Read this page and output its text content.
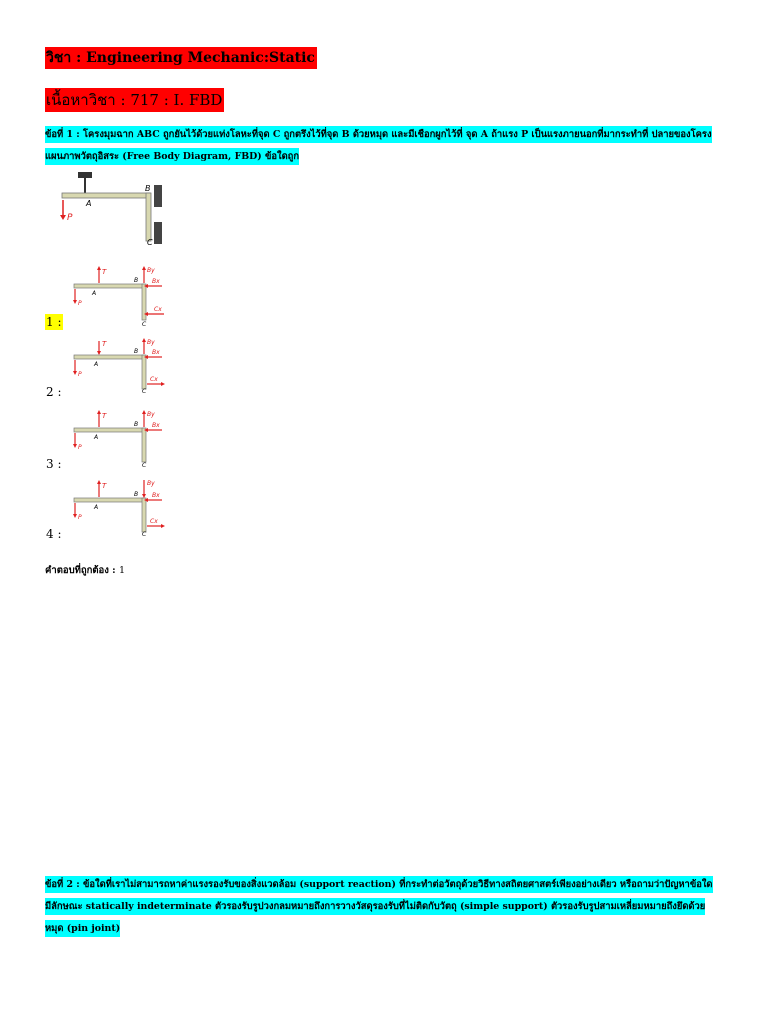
วิชา : Engineering Mechanic:Static
เนื้อหาวิชา : 717 : I. FBD
ข้อที่ 1 : โครงมุมฉาก ABC ถูกยันไว้ด้วยแท่งโลหะที่จุด C ถูกตรึงไว้ที่จุด B ด้วยหมุด และมีเชือกผูกไว้ที่ จุด A ถ้าแรง P เป็นแรงภายนอกที่มากระทำที่ ปลายของโครง แผนภาพวัตถุอิสระ (Free Body Diagram, FBD) ข้อใดถูก
P
A
B
C
T	By
Bx
Cx
A
B
C
P
1 :
T	By
Bx
Cx
A
B
C
P
2 :
T	By
Bx
A
B
C
P
3 :
T	By
Bx
Cx
A
B
C
P
4 :
คำตอบที่ถูกต้อง : 1
ข้อที่ 2 : ข้อใดที่เราไม่สามารถหาค่าแรงรองรับของสิ่งแวดล้อม (support reaction) ที่กระทำต่อวัตถุด้วยวิธีทางสถิตยศาสตร์เพียงอย่างเดียว หรือถามว่าปัญหาข้อใดมีลักษณะ statically indeterminate ตัวรองรับรูปวงกลมหมายถึงการวางวัสดุรองรับที่ไม่ติดกับวัตถุ (simple support) ตัวรองรับรูปสามเหลี่ยมหมายถึงยึดด้วยหมุด (pin joint)
